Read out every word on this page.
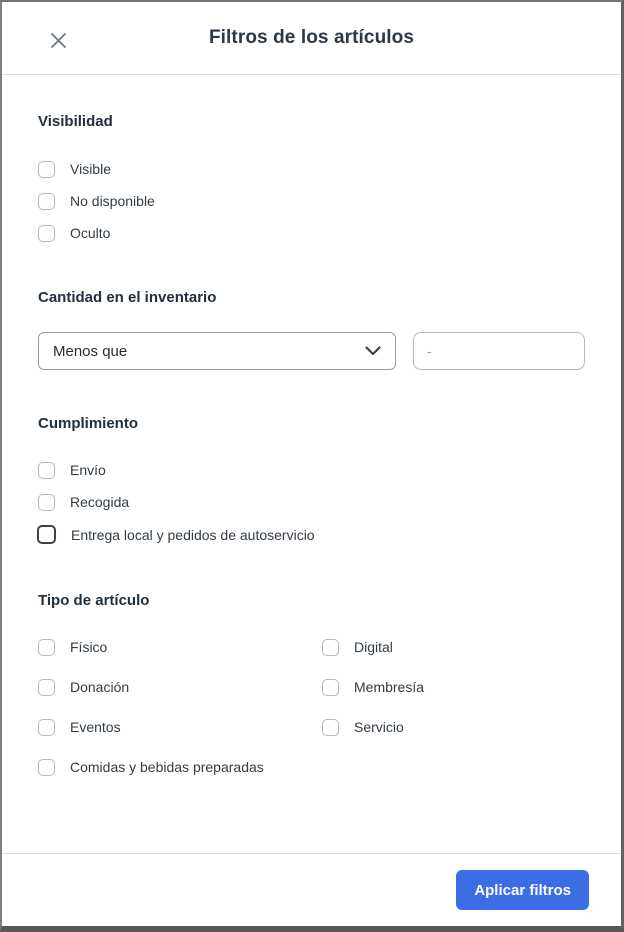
Filtros de los artículos
Visibilidad
Visible
No disponible
Oculto
Cantidad en el inventario
Menos que
-
Cumplimiento
Envío
Recogida
Entrega local y pedidos de autoservicio
Tipo de artículo
Físico	Digital
Donación	Membresía
Eventos	Servicio
Comidas y bebidas preparadas
Aplicar filtros
